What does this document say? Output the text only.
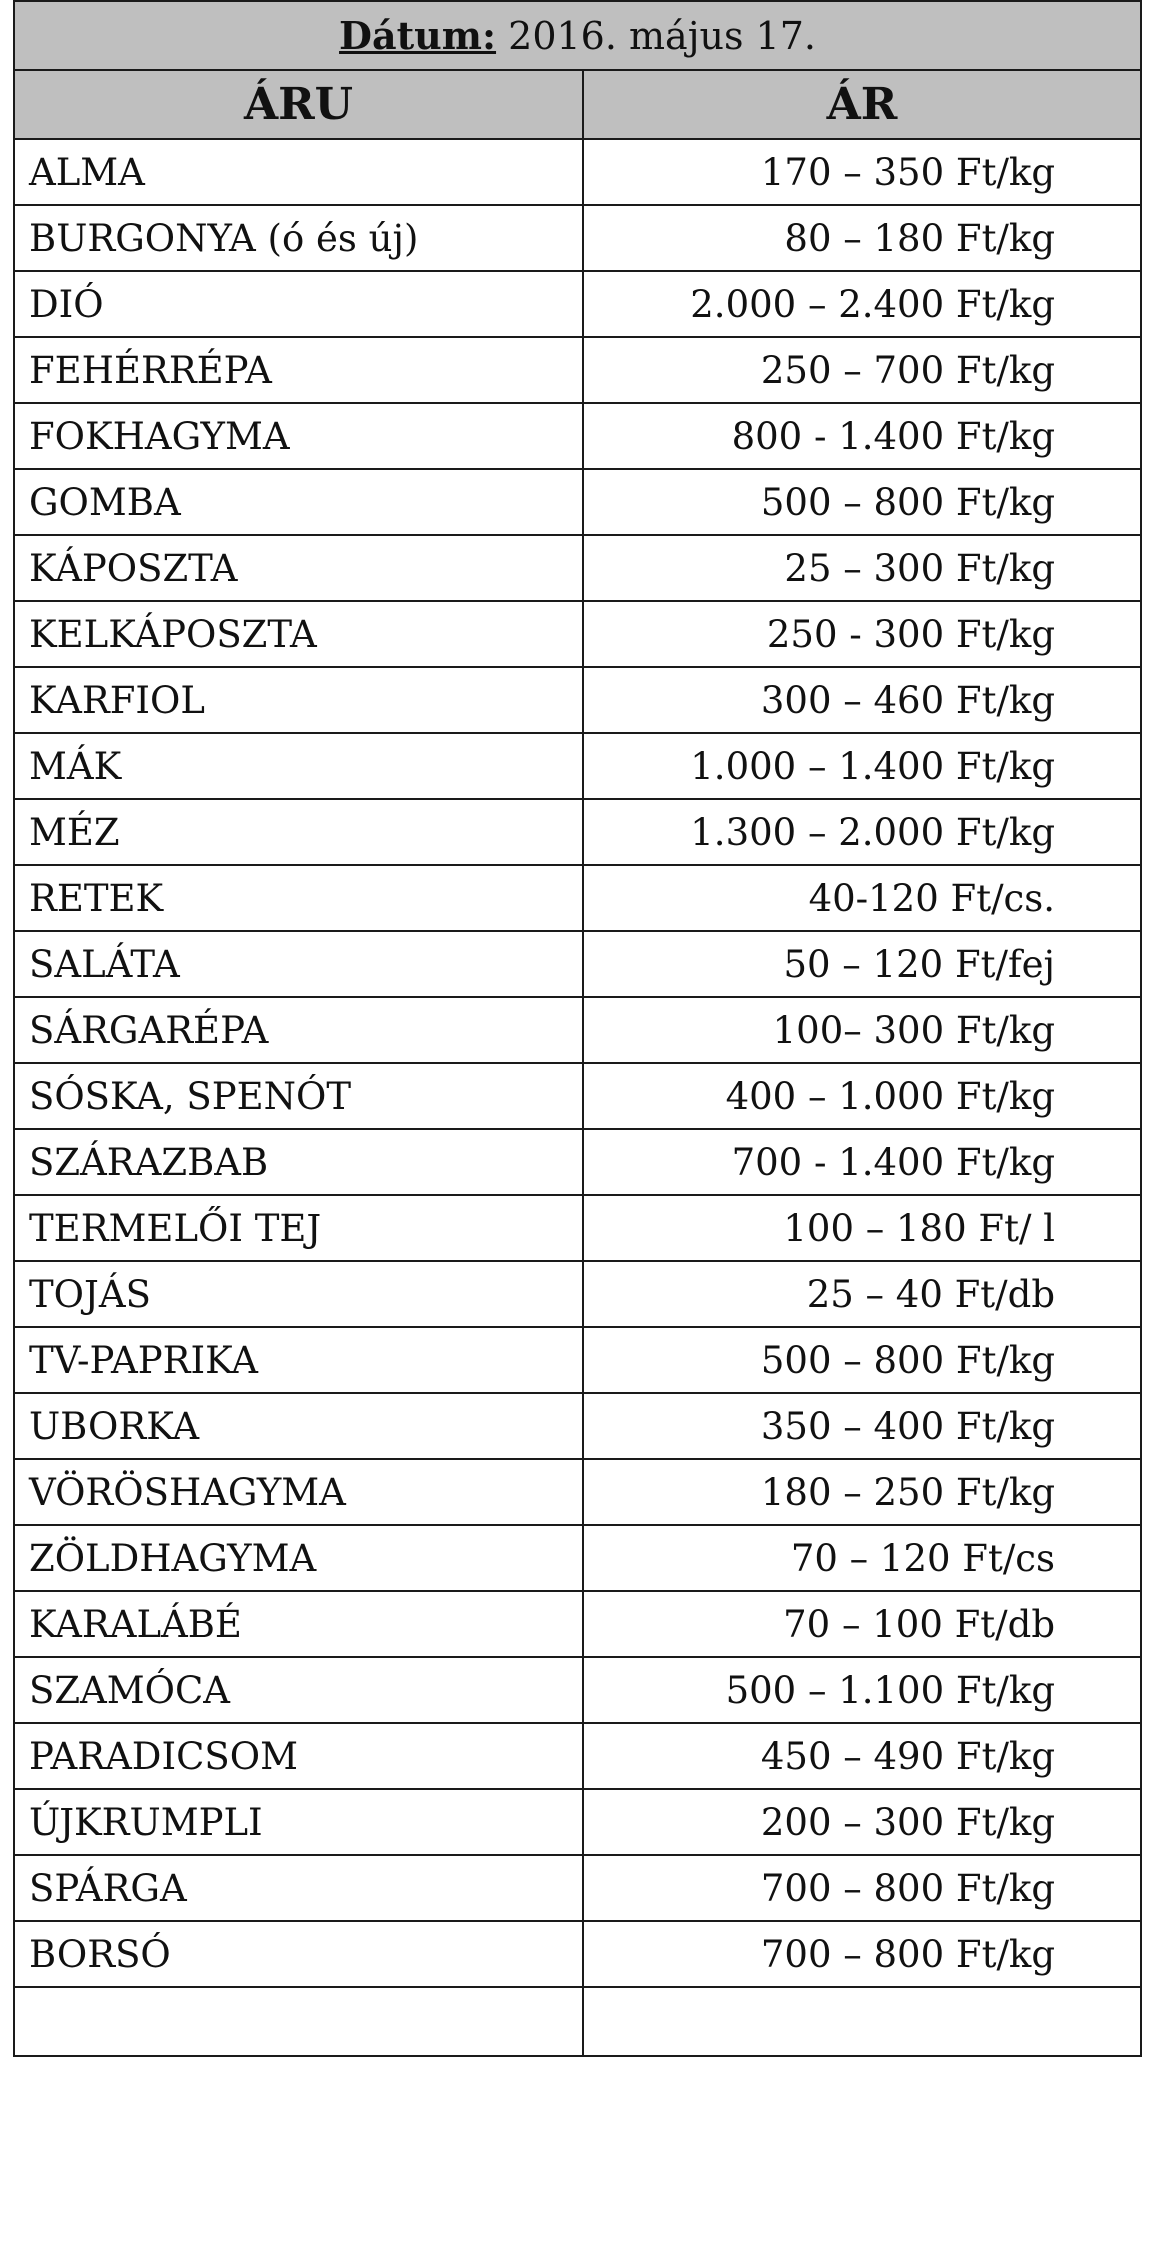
Dátum: 2016. május 17.	
ÁRU	ÁR
ALMA	170 – 350 Ft/kg
BURGONYA (ó és új)	80 – 180 Ft/kg
DIÓ	2.000 – 2.400 Ft/kg
FEHÉRRÉPA	250 – 700 Ft/kg
FOKHAGYMA	800 - 1.400 Ft/kg
GOMBA	500 – 800 Ft/kg
KÁPOSZTA	25 – 300 Ft/kg
KELKÁPOSZTA	250 - 300 Ft/kg
KARFIOL	300 – 460 Ft/kg
MÁK	1.000 – 1.400 Ft/kg
MÉZ	1.300 – 2.000 Ft/kg
RETEK	40-120 Ft/cs.
SALÁTA	50 – 120 Ft/fej
SÁRGARÉPA	100– 300 Ft/kg
SÓSKA, SPENÓT	400 – 1.000 Ft/kg
SZÁRAZBAB	700 - 1.400 Ft/kg
TERMELŐI TEJ	100 – 180 Ft/ l
TOJÁS	25 – 40 Ft/db
TV-PAPRIKA	500 – 800 Ft/kg
UBORKA	350 – 400 Ft/kg
VÖRÖSHAGYMA	180 – 250 Ft/kg
ZÖLDHAGYMA	70 – 120 Ft/cs
KARALÁBÉ	70 – 100 Ft/db
SZAMÓCA	500 – 1.100 Ft/kg
PARADICSOM	450 – 490 Ft/kg
ÚJKRUMPLI	200 – 300 Ft/kg
SPÁRGA	700 – 800 Ft/kg
BORSÓ	700 – 800 Ft/kg
